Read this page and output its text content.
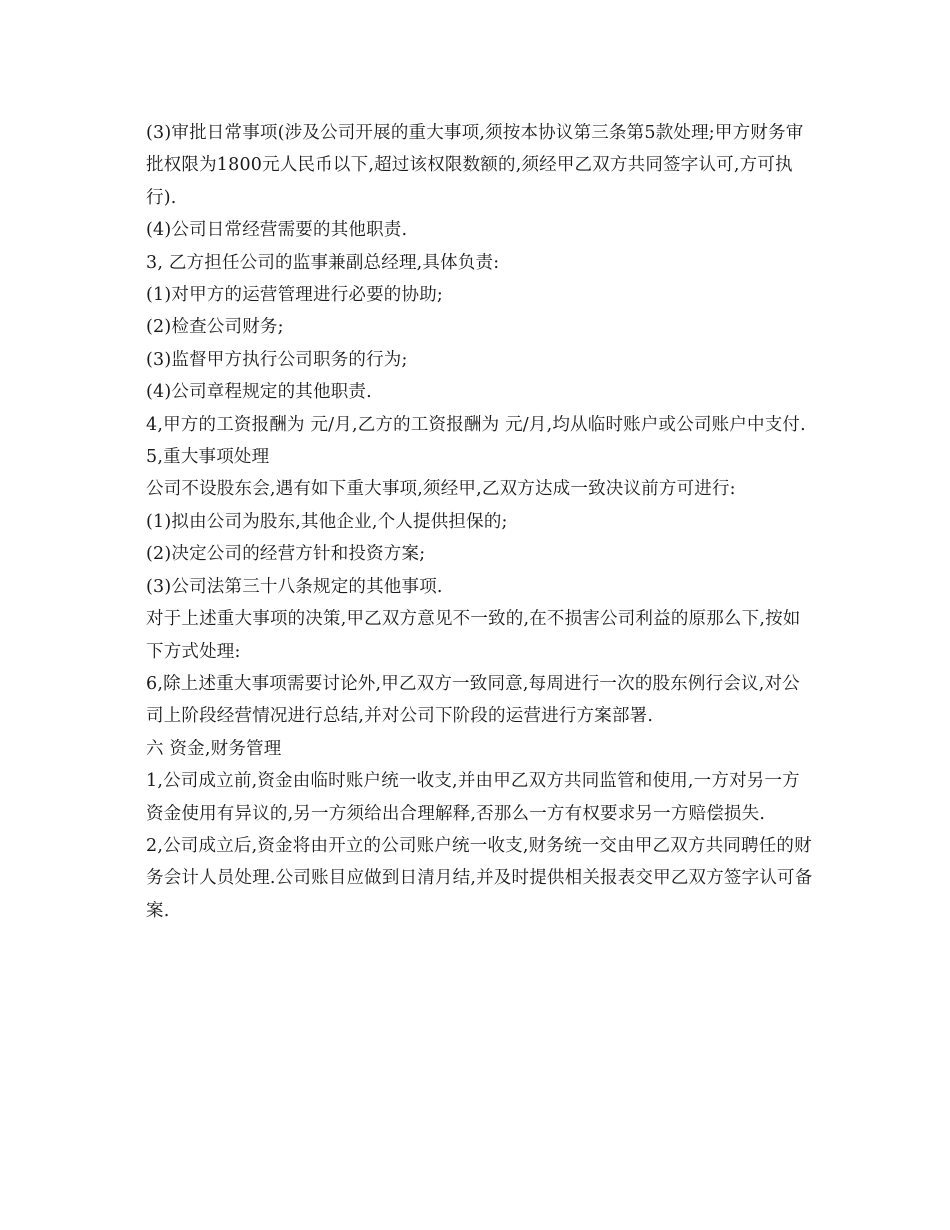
(3)审批日常事项(涉及公司开展的重大事项,须按本协议第三条第5款处理;甲方财务审批权限为1800元人民币以下,超过该权限数额的,须经甲乙双方共同签字认可,方可执行).

(4)公司日常经营需要的其他职责.

3, 乙方担任公司的监事兼副总经理,具体负责:

(1)对甲方的运营管理进行必要的协助;

(2)检查公司财务;

(3)监督甲方执行公司职务的行为;

(4)公司章程规定的其他职责.

4,甲方的工资报酬为 元/月,乙方的工资报酬为 元/月,均从临时账户或公司账户中支付.

5,重大事项处理

公司不设股东会,遇有如下重大事项,须经甲,乙双方达成一致决议前方可进行:

(1)拟由公司为股东,其他企业,个人提供担保的;

(2)决定公司的经营方针和投资方案;

(3)公司法第三十八条规定的其他事项.

对于上述重大事项的决策,甲乙双方意见不一致的,在不损害公司利益的原那么下,按如下方式处理:

6,除上述重大事项需要讨论外,甲乙双方一致同意,每周进行一次的股东例行会议,对公司上阶段经营情况进行总结,并对公司下阶段的运营进行方案部署.

六 资金,财务管理

1,公司成立前,资金由临时账户统一收支,并由甲乙双方共同监管和使用,一方对另一方资金使用有异议的,另一方须给出合理解释,否那么一方有权要求另一方赔偿损失.

2,公司成立后,资金将由开立的公司账户统一收支,财务统一交由甲乙双方共同聘任的财务会计人员处理.公司账目应做到日清月结,并及时提供相关报表交甲乙双方签字认可备案.
